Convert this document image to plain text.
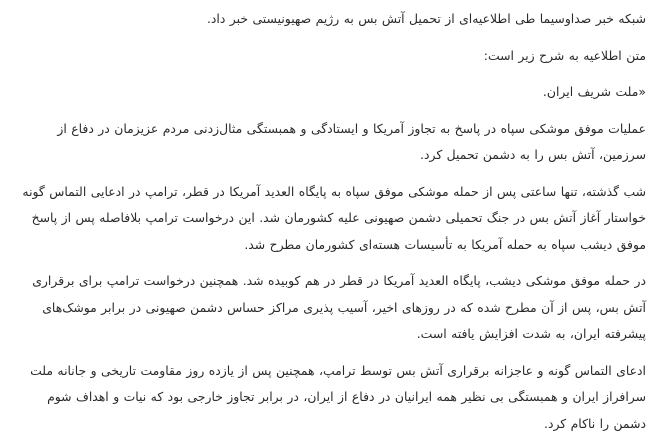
شبکه خبر صداوسیما طی اطلاعیه‌ای از تحمیل آتش بس به رژیم صهیونیستی خبر داد.

متن اطلاعیه به شرح زیر است:

«ملت شریف ایران.

عملیات موفق موشکی سپاه در پاسخ به تجاوز آمریکا و ایستادگی و همبستگی مثال‌زدنی مردم عزیزمان در دفاع از سرزمین، آتش بس را به دشمن تحمیل کرد.

شب گذشته، تنها ساعتی پس از حمله موشکی موفق سپاه به پایگاه العدید آمریکا در قطر، ترامپ در ادعایی التماس گونه خواستار آغاز آتش بس در جنگ تحمیلی دشمن صهیونی علیه کشورمان شد. این درخواست ترامپ بلافاصله پس از پاسخ موفق دیشب سپاه به حمله آمریکا به تأسیسات هسته‌ای کشورمان مطرح شد.

در حمله موفق موشکی دیشب، پایگاه العدید آمریکا در قطر در هم کوبیده شد. همچنین درخواست ترامپ برای برقراری آتش بس، پس از آن مطرح شده که در روزهای اخیر، آسیب پذیری مراکز حساس دشمن صهیونی در برابر موشک‌های پیشرفته ایران، به شدت افزایش یافته است.

ادعای التماس گونه و عاجزانه برقراری آتش بس توسط ترامپ، همچنین پس از یازده روز مقاومت تاریخی و جانانه ملت سرافراز ایران و همبستگی بی نظیر همه ایرانیان در دفاع از ایران، در برابر تجاوز خارجی بود که نیات و اهداف شوم دشمن را ناکام کرد.
